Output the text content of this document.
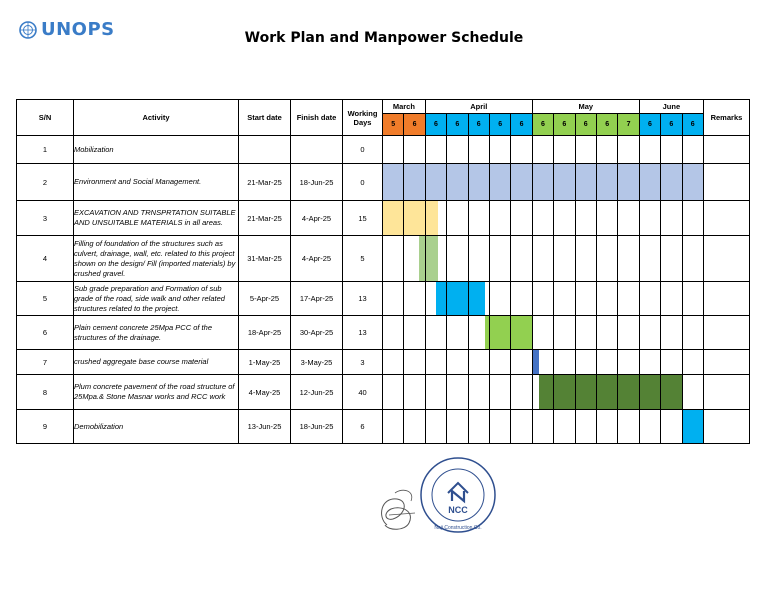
UNOPS	Work Plan and Manpower Schedule
S/N	Activity	Start date	Finish date	Working Days	March		April					May					June			Remarks
					5	6	6	6	6	6	6	6	6	6	6	7	6	6	6	
1	Mobilization			0																
2	Environment and Social Management.	21-Mar-25	18-Jun-25	0	

3	EXCAVATION AND TRNSPRTATION SUITABLE AND UNSUITABLE MATERIALS in all areas.	21-Mar-25	4-Apr-25	15	

4	Filling of foundation of the structures such as culvert, drainage, wall, etc. related to this project shown on the design/ Fill (imported materials) by crushed gravel.	31-Mar-25	4-Apr-25	5		

5	Sub grade preparation and Formation of sub grade of the road, side walk and other related structures related to the project.	5-Apr-25	17-Apr-25	13			

6	Plain cement concrete 25Mpa PCC of the structures of the drainage.	18-Apr-25	30-Apr-25	13					

7	crushed aggregate base course material	1-May-25	3-May-25	3								

8	Plum concrete pavement of the road structure of 25Mpa.& Stone Masnar works and RCC work	4-May-25	12-Jun-25	40								

9	Demobilization	13-Jun-25	18-Jun-25	6															

NCC
Naji Construction Co.
